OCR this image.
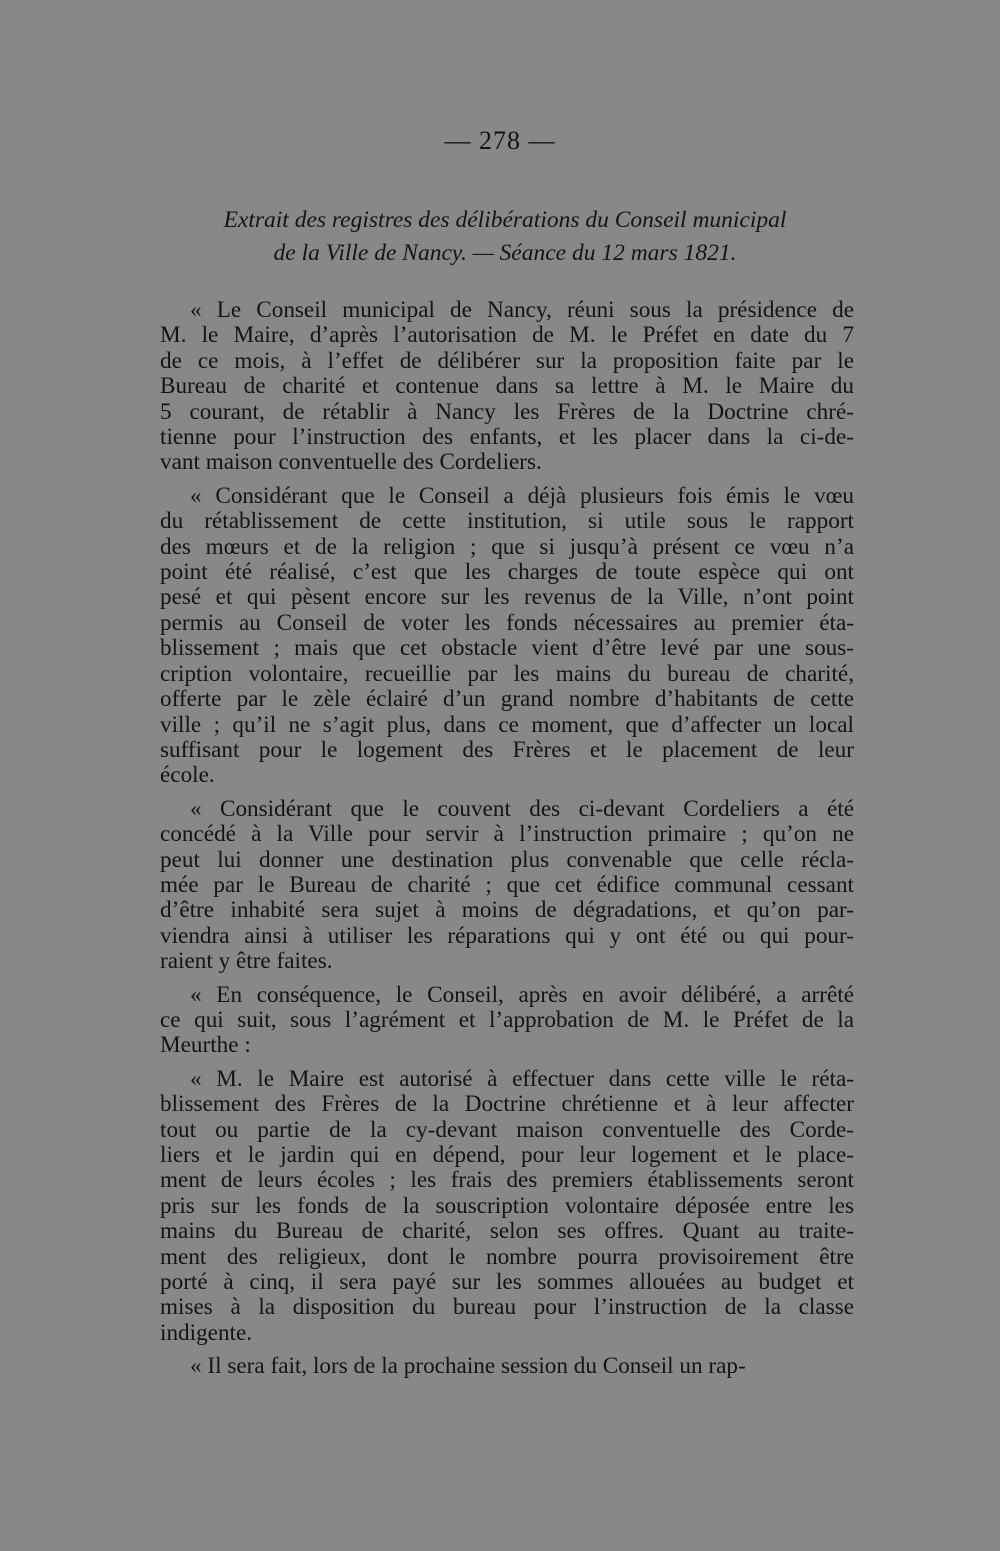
— 278 —
Extrait des registres des délibérations du Conseil municipal
de la Ville de Nancy. — Séance du 12 mars 1821.
« Le Conseil municipal de Nancy, réuni sous la présidence de
M. le Maire, d’après l’autorisation de M. le Préfet en date du 7
de ce mois, à l’effet de délibérer sur la proposition faite par le
Bureau de charité et contenue dans sa lettre à M. le Maire du
5 courant, de rétablir à Nancy les Frères de la Doctrine chré-
tienne pour l’instruction des enfants, et les placer dans la ci-de-
vant maison conventuelle des Cordeliers.
« Considérant que le Conseil a déjà plusieurs fois émis le vœu
du rétablissement de cette institution, si utile sous le rapport
des mœurs et de la religion ; que si jusqu’à présent ce vœu n’a
point été réalisé, c’est que les charges de toute espèce qui ont
pesé et qui pèsent encore sur les revenus de la Ville, n’ont point
permis au Conseil de voter les fonds nécessaires au premier éta-
blissement ; mais que cet obstacle vient d’être levé par une sous-
cription volontaire, recueillie par les mains du bureau de charité,
offerte par le zèle éclairé d’un grand nombre d’habitants de cette
ville ; qu’il ne s’agit plus, dans ce moment, que d’affecter un local
suffisant pour le logement des Frères et le placement de leur
école.
« Considérant que le couvent des ci-devant Cordeliers a été
concédé à la Ville pour servir à l’instruction primaire ; qu’on ne
peut lui donner une destination plus convenable que celle récla-
mée par le Bureau de charité ; que cet édifice communal cessant
d’être inhabité sera sujet à moins de dégradations, et qu’on par-
viendra ainsi à utiliser les réparations qui y ont été ou qui pour-
raient y être faites.
« En conséquence, le Conseil, après en avoir délibéré, a arrêté
ce qui suit, sous l’agrément et l’approbation de M. le Préfet de la
Meurthe :
« M. le Maire est autorisé à effectuer dans cette ville le réta-
blissement des Frères de la Doctrine chrétienne et à leur affecter
tout ou partie de la cy-devant maison conventuelle des Corde-
liers et le jardin qui en dépend, pour leur logement et le place-
ment de leurs écoles ; les frais des premiers établissements seront
pris sur les fonds de la souscription volontaire déposée entre les
mains du Bureau de charité, selon ses offres. Quant au traite-
ment des religieux, dont le nombre pourra provisoirement être
porté à cinq, il sera payé sur les sommes allouées au budget et
mises à la disposition du bureau pour l’instruction de la classe
indigente.
« Il sera fait, lors de la prochaine session du Conseil un rap-
